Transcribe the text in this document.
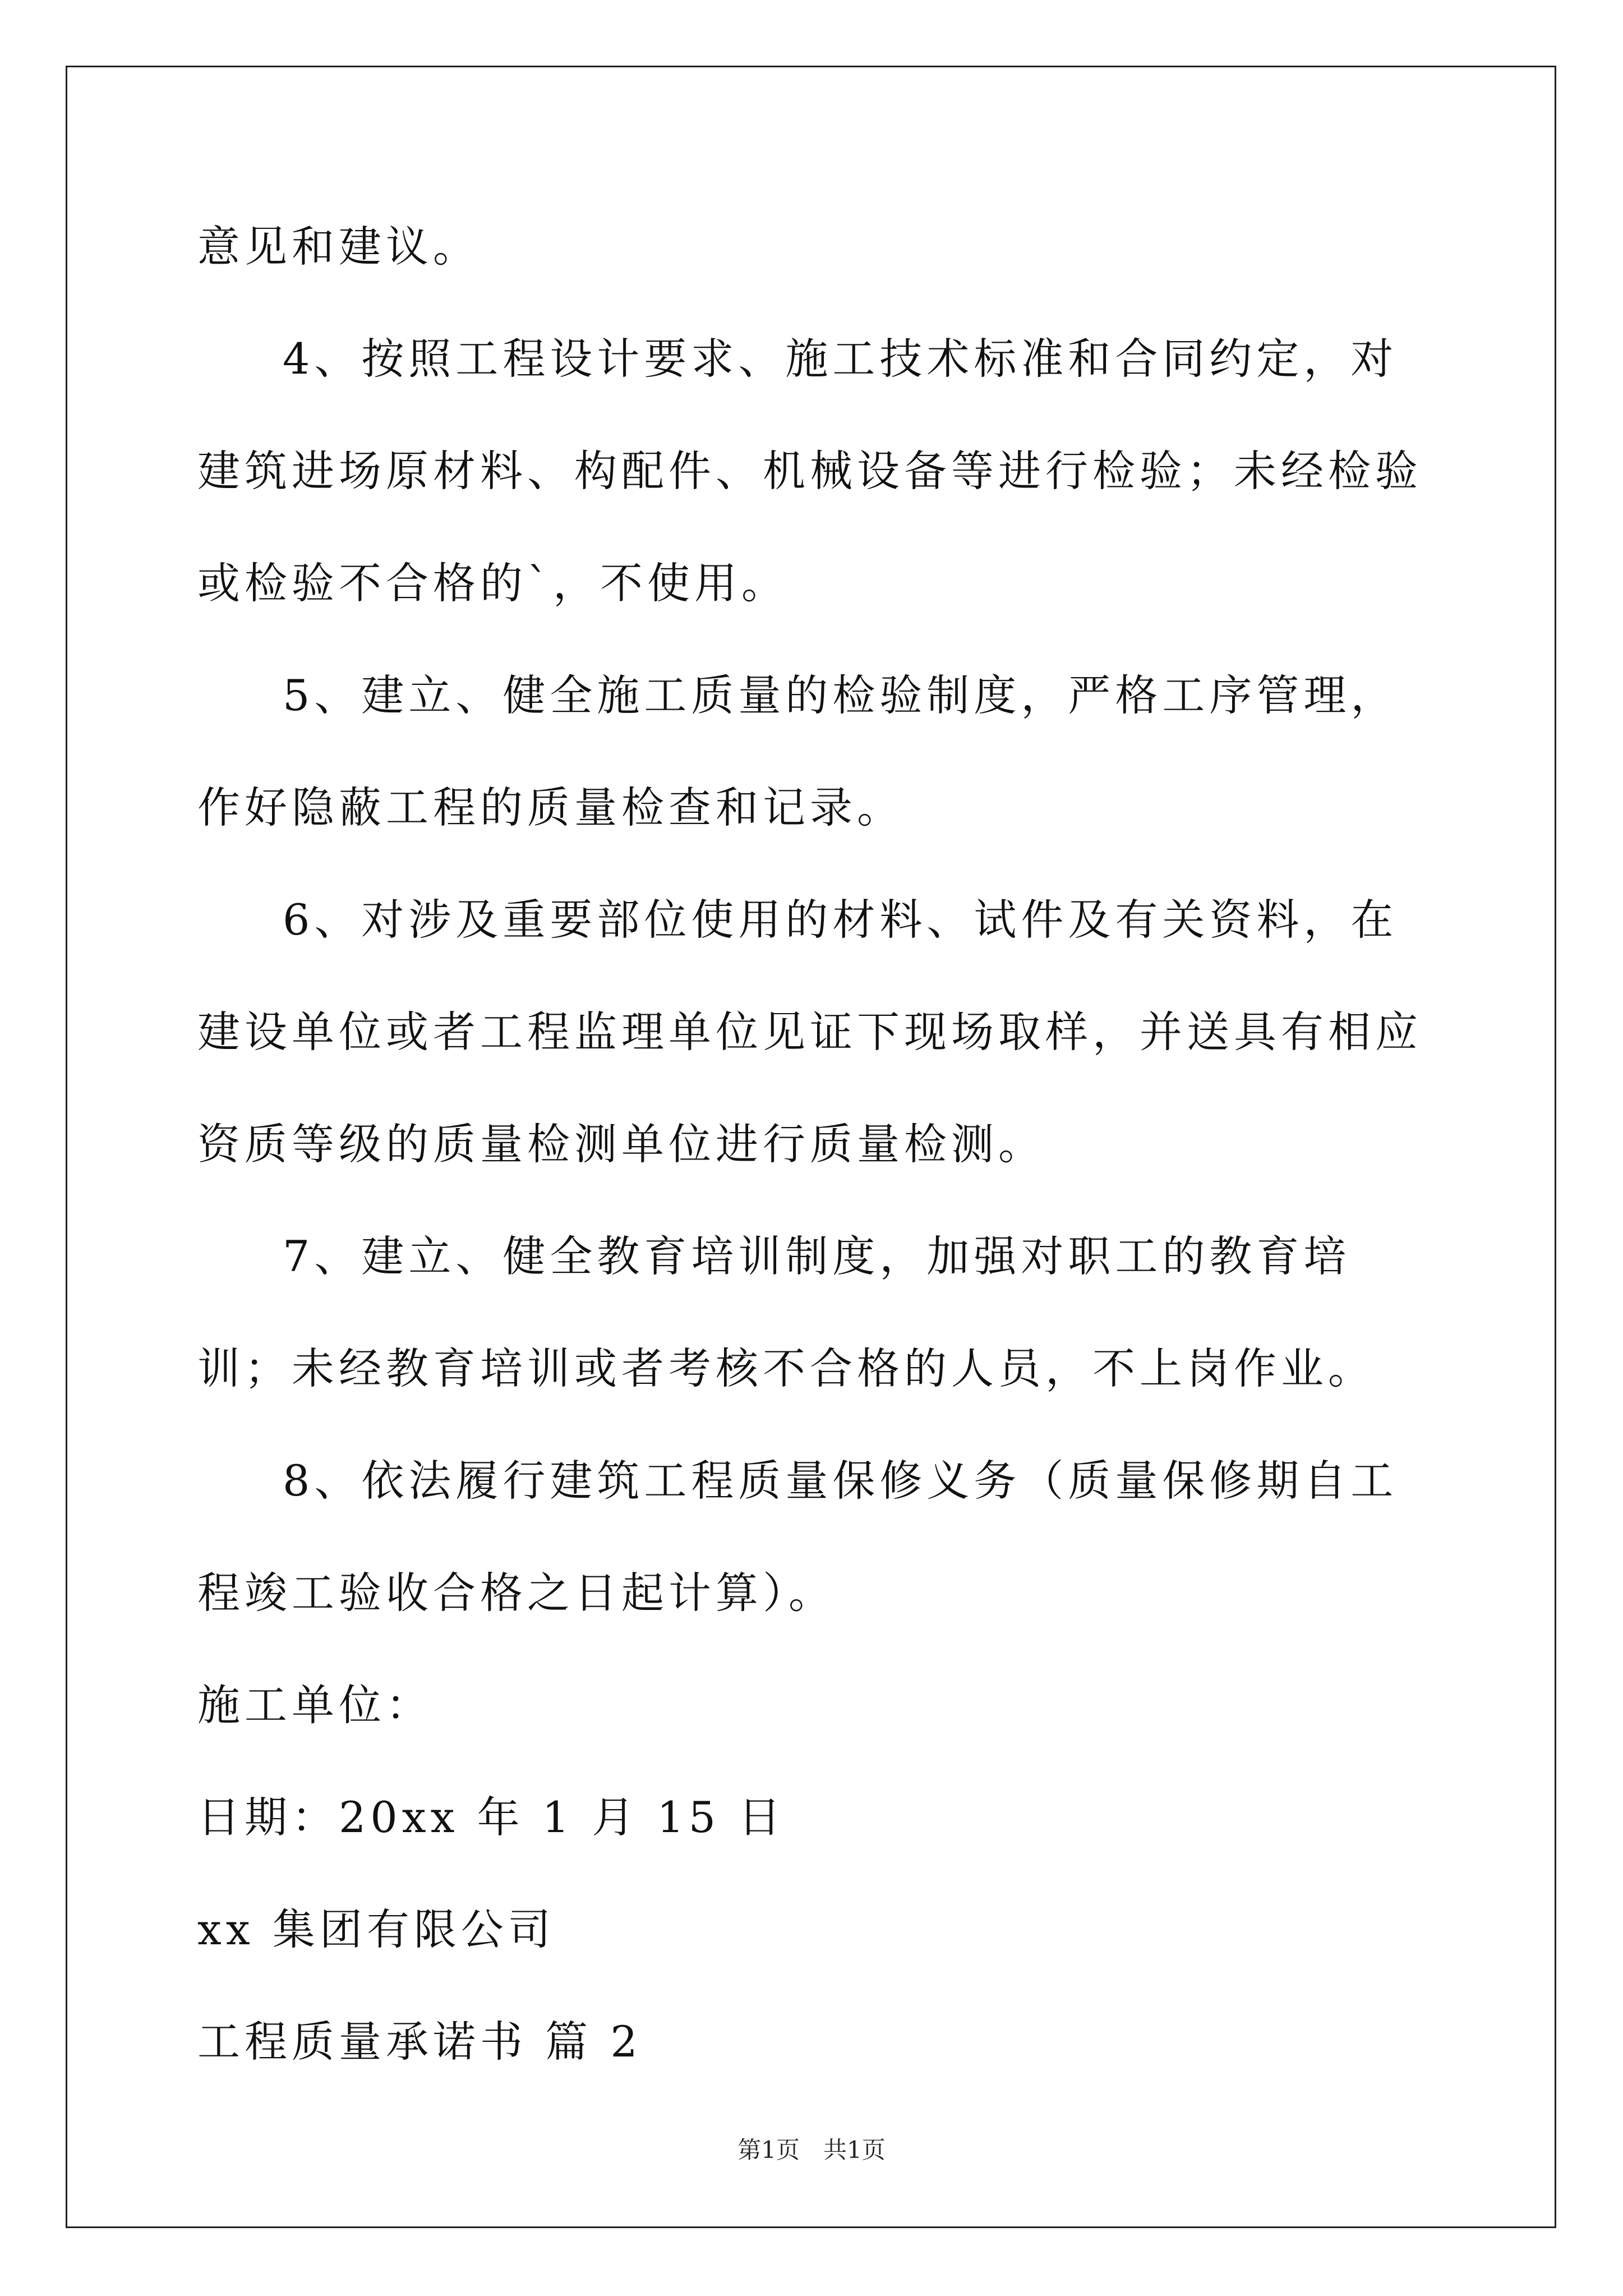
意见和建议。

4、按照工程设计要求、施工技术标准和合同约定，对建筑进场原材料、构配件、机械设备等进行检验；未经检验或检验不合格的`，不使用。

5、建立、健全施工质量的检验制度，严格工序管理，作好隐蔽工程的质量检查和记录。

6、对涉及重要部位使用的材料、试件及有关资料，在建设单位或者工程监理单位见证下现场取样，并送具有相应资质等级的质量检测单位进行质量检测。

7、建立、健全教育培训制度，加强对职工的教育培训；未经教育培训或者考核不合格的人员，不上岗作业。

8、依法履行建筑工程质量保修义务（质量保修期自工程竣工验收合格之日起计算）。

施工单位：

日期：20xx 年 1 月 15 日

xx 集团有限公司

工程质量承诺书 篇 2

第1页　共1页
